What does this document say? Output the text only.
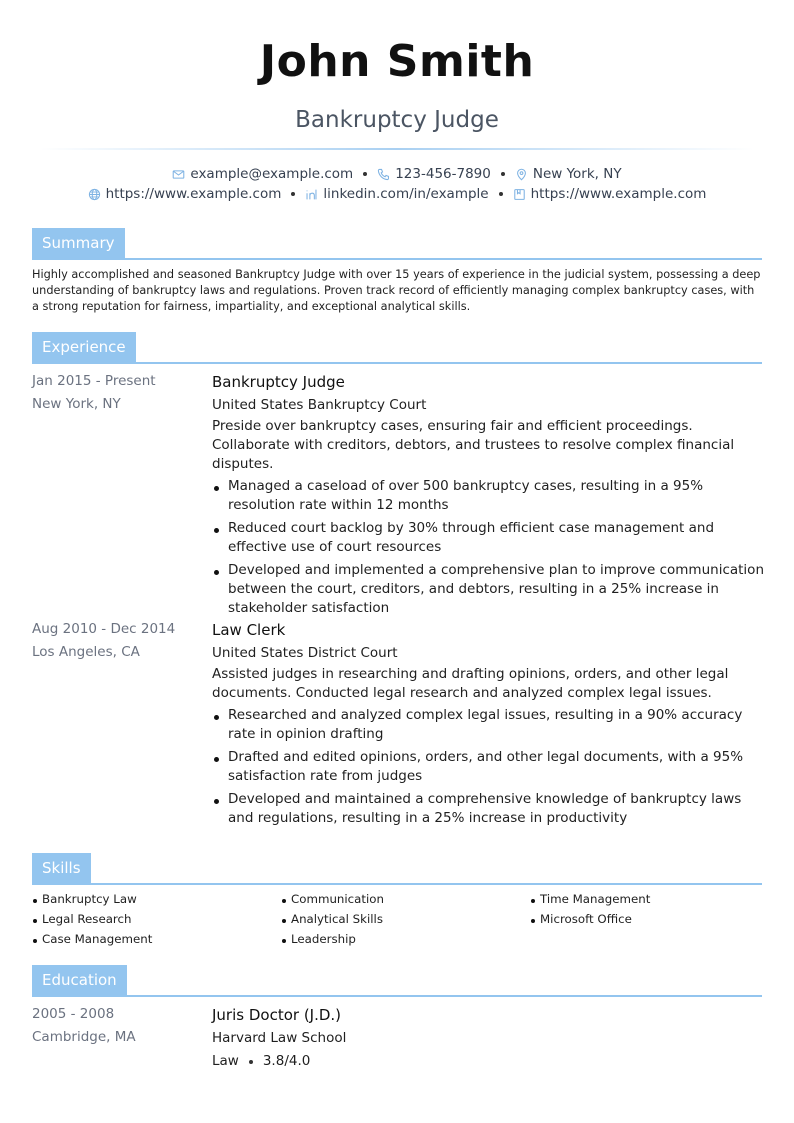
John Smith
Bankruptcy Judge
example@example.com	123-456-7890	New York, NY
https://www.example.com	linkedin.com/in/example	https://www.example.com
Summary
Highly accomplished and seasoned Bankruptcy Judge with over 15 years of experience in the judicial system, possessing a deep understanding of bankruptcy laws and regulations. Proven track record of efficiently managing complex bankruptcy cases, with a strong reputation for fairness, impartiality, and exceptional analytical skills.
Experience
Jan 2015 - Present
New York, NY
Bankruptcy Judge
United States Bankruptcy Court
Preside over bankruptcy cases, ensuring fair and efficient proceedings. Collaborate with creditors, debtors, and trustees to resolve complex financial disputes.
Managed a caseload of over 500 bankruptcy cases, resulting in a 95% resolution rate within 12 months
Reduced court backlog by 30% through efficient case management and effective use of court resources
Developed and implemented a comprehensive plan to improve communication between the court, creditors, and debtors, resulting in a 25% increase in stakeholder satisfaction
Aug 2010 - Dec 2014
Los Angeles, CA
Law Clerk
United States District Court
Assisted judges in researching and drafting opinions, orders, and other legal documents. Conducted legal research and analyzed complex legal issues.
Researched and analyzed complex legal issues, resulting in a 90% accuracy rate in opinion drafting
Drafted and edited opinions, orders, and other legal documents, with a 95% satisfaction rate from judges
Developed and maintained a comprehensive knowledge of bankruptcy laws and regulations, resulting in a 25% increase in productivity
Skills
Bankruptcy Law	Communication	Time Management
Legal Research	Analytical Skills	Microsoft Office
Case Management	Leadership
Education
2005 - 2008
Cambridge, MA
Juris Doctor (J.D.)
Harvard Law School
Law 3.8/4.0
